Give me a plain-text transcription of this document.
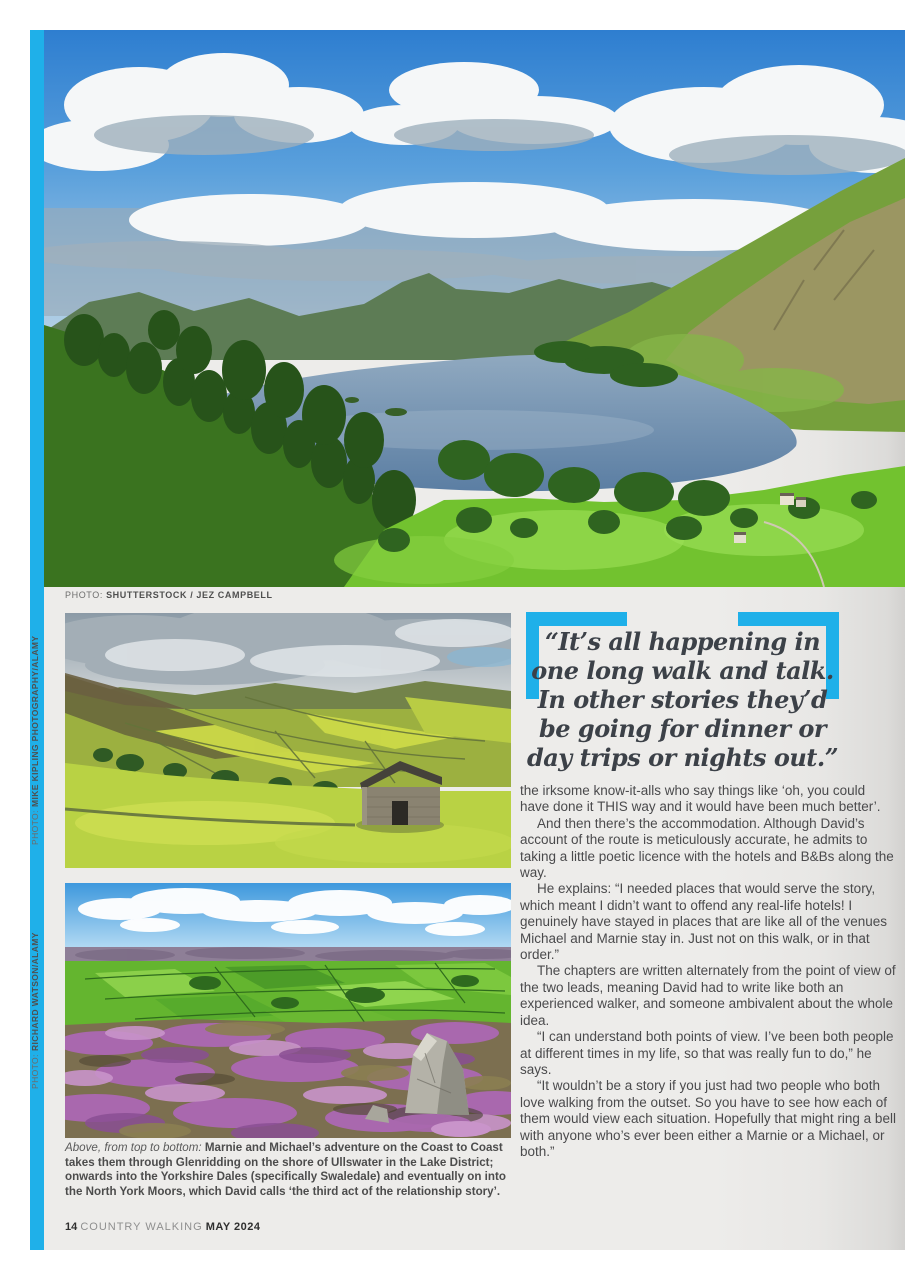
PHOTO: SHUTTERSTOCK / JEZ CAMPBELL
“It’s all happening in
one long walk and talk.
In other stories they’d
be going for dinner or
day trips or nights out.”

the irksome know-it-alls who say things like ‘oh, you could have done it THIS way and it would have been much better’.

And then there’s the accommodation. Although David’s account of the route is meticulously accurate, he admits to taking a little poetic licence with the hotels and B&Bs along the way.

He explains: “I needed places that would serve the story, which meant I didn’t want to offend any real-life hotels! I genuinely have stayed in places that are like all of the venues Michael and Marnie stay in. Just not on this walk, or in that order.”

The chapters are written alternately from the point of view of the two leads, meaning David had to write like both an experienced walker, and someone ambivalent about the whole idea.

“I can understand both points of view. I’ve been both people at different times in my life, so that was really fun to do,” he says.

“It wouldn’t be a story if you just had two people who both love walking from the outset. So you have to see how each of them would view each situation. Hopefully that might ring a bell with anyone who’s ever been either a Marnie or a Michael, or both.”

PHOTO:

MIKE KIPLING PHOTOGRAPHY/ALAMY
PHOTO:

RICHARD WATSON/ALAMY
Above, from top to bottom: Marnie and Michael’s adventure on the Coast to Coast takes them through Glenridding on the shore of Ullswater in the Lake District; onwards into the Yorkshire Dales (specifically Swaledale) and eventually on into the North York Moors, which David calls ‘the third act of the relationship story’.
14 COUNTRY WALKING MAY 2024
